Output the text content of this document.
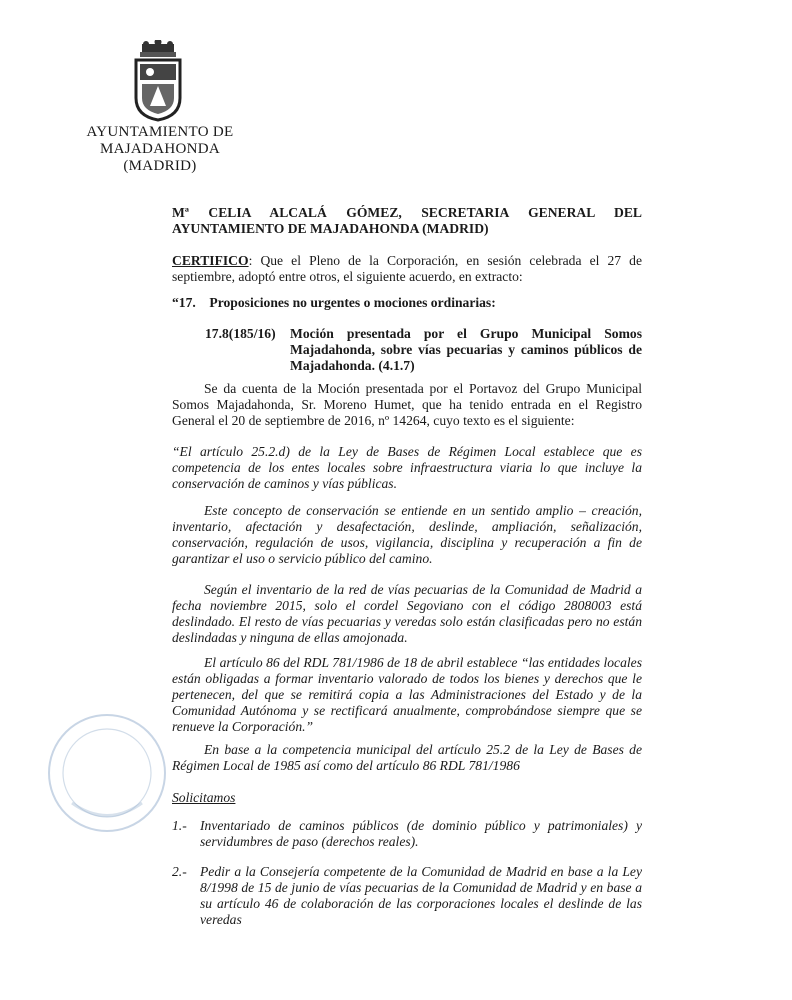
AYUNTAMIENTO DE
MAJADAHONDA
(MADRID)

Mª CELIA ALCALÁ GÓMEZ, SECRETARIA GENERAL DEL AYUNTAMIENTO DE MAJADAHONDA (MADRID)

CERTIFICO: Que el Pleno de la Corporación, en sesión celebrada el 27 de septiembre, adoptó entre otros, el siguiente acuerdo, en extracto:

“17. Proposiciones no urgentes o mociones ordinarias:
17.8(185/16) Moción presentada por el Grupo Municipal Somos Majadahonda, sobre vías pecuarias y caminos públicos de Majadahonda. (4.1.7)

Se da cuenta de la Moción presentada por el Portavoz del Grupo Municipal Somos Majadahonda, Sr. Moreno Humet, que ha tenido entrada en el Registro General el 20 de septiembre de 2016, nº 14264, cuyo texto es el siguiente:

“El artículo 25.2.d) de la Ley de Bases de Régimen Local establece que es competencia de los entes locales sobre infraestructura viaria lo que incluye la conservación de caminos y vías públicas.

Este concepto de conservación se entiende en un sentido amplio – creación, inventario, afectación y desafectación, deslinde, ampliación, señalización, conservación, regulación de usos, vigilancia, disciplina y recuperación a fin de garantizar el uso o servicio público del camino.

Según el inventario de la red de vías pecuarias de la Comunidad de Madrid a fecha noviembre 2015, solo el cordel Segoviano con el código 2808003 está deslindado. El resto de vías pecuarias y veredas solo están clasificadas pero no están deslindadas y ninguna de ellas amojonada.

El artículo 86 del RDL 781/1986 de 18 de abril establece “las entidades locales están obligadas a formar inventario valorado de todos los bienes y derechos que le pertenecen, del que se remitirá copia a las Administraciones del Estado y de la Comunidad Autónoma y se rectificará anualmente, comprobándose siempre que se renueve la Corporación.”

En base a la competencia municipal del artículo 25.2 de la Ley de Bases de Régimen Local de 1985 así como del artículo 86 RDL 781/1986

Solicitamos
1.- Inventariado de caminos públicos (de dominio público y patrimoniales) y servidumbres de paso (derechos reales).

2.- Pedir a la Consejería competente de la Comunidad de Madrid en base a la Ley 8/1998 de 15 de junio de vías pecuarias de la Comunidad de Madrid y en base a su artículo 46 de colaboración de las corporaciones locales el deslinde de las veredas
